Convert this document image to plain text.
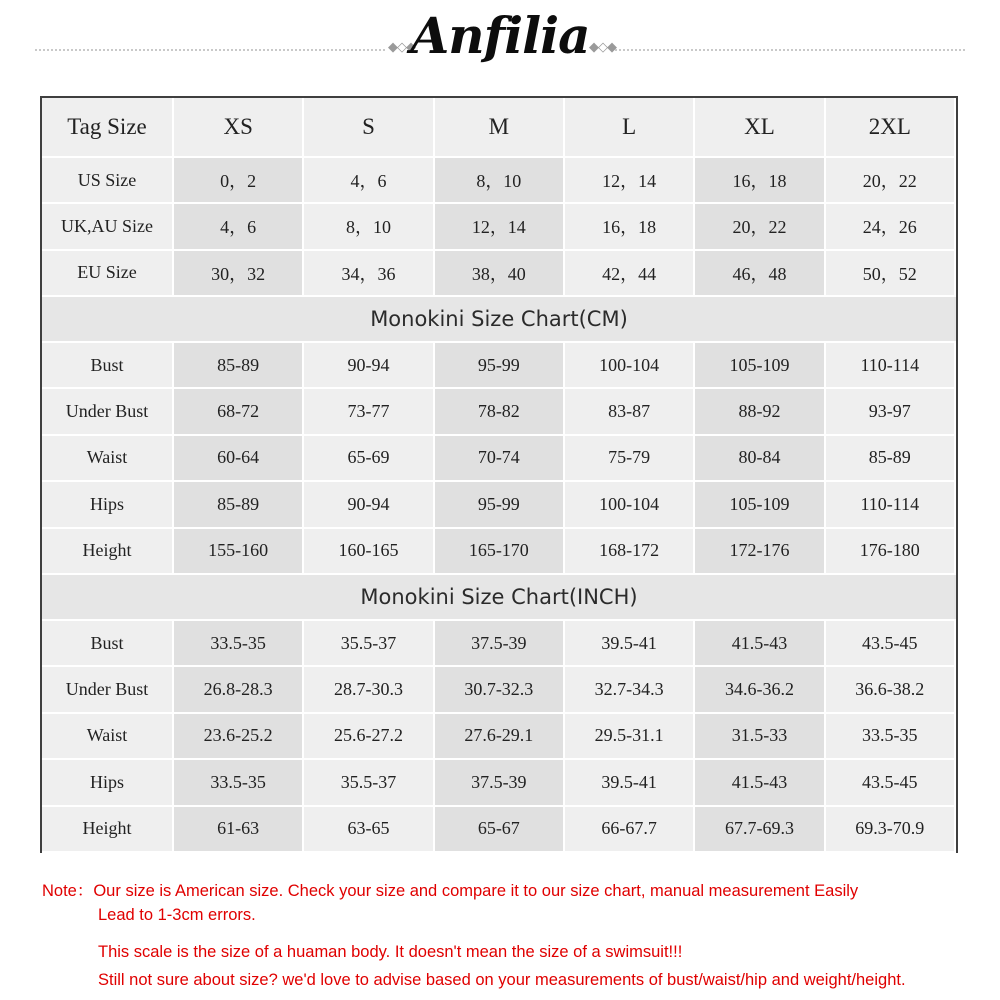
◆◇◆
Anfilia ◆◇◆
Tag Size	XS	S	M	L	XL	2XL
US Size	0，2	4，6	8，10	12，14	16，18	20，22
UK,AU Size	4，6	8，10	12，14	16，18	20，22	24，26
EU Size	30，32	34，36	38，40	42，44	46，48	50，52
Monokini Size Chart(CM)
Bust	85-89	90-94	95-99	100-104	105-109	110-114
Under Bust	68-72	73-77	78-82	83-87	88-92	93-97
Waist	60-64	65-69	70-74	75-79	80-84	85-89
Hips	85-89	90-94	95-99	100-104	105-109	110-114
Height	155-160	160-165	165-170	168-172	172-176	176-180
Monokini Size Chart(INCH)
Bust	33.5-35	35.5-37	37.5-39	39.5-41	41.5-43	43.5-45
Under Bust	26.8-28.3	28.7-30.3	30.7-32.3	32.7-34.3	34.6-36.2	36.6-38.2
Waist	23.6-25.2	25.6-27.2	27.6-29.1	29.5-31.1	31.5-33	33.5-35
Hips	33.5-35	35.5-37	37.5-39	39.5-41	41.5-43	43.5-45
Height	61-63	63-65	65-67	66-67.7	67.7-69.3	69.3-70.9
Note：Our size is American size. Check your size and compare it to our size chart, manual measurement Easily
Lead to 1-3cm errors.
This scale is the size of a huaman body. It doesn't mean the size of a swimsuit!!!
Still not sure about size? we'd love to advise based on your measurements of bust/waist/hip and weight/height.
